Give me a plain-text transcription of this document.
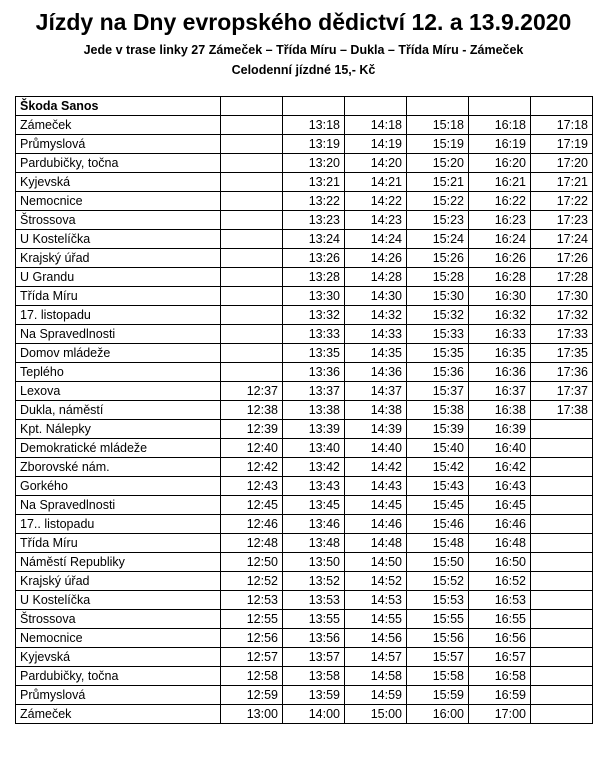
Jízdy na Dny evropského dědictví 12. a 13.9.2020
Jede v trase linky 27 Zámeček – Třída Míru – Dukla – Třída Míru - Zámeček
Celodenní jízdné 15,- Kč
Škoda Sanos						
Zámeček		13:18	14:18	15:18	16:18	17:18
Průmyslová		13:19	14:19	15:19	16:19	17:19
Pardubičky, točna		13:20	14:20	15:20	16:20	17:20
Kyjevská		13:21	14:21	15:21	16:21	17:21
Nemocnice		13:22	14:22	15:22	16:22	17:22
Štrossova		13:23	14:23	15:23	16:23	17:23
U Kostelíčka		13:24	14:24	15:24	16:24	17:24
Krajský úřad		13:26	14:26	15:26	16:26	17:26
U Grandu		13:28	14:28	15:28	16:28	17:28
Třída Míru		13:30	14:30	15:30	16:30	17:30
17. listopadu		13:32	14:32	15:32	16:32	17:32
Na Spravedlnosti		13:33	14:33	15:33	16:33	17:33
Domov mládeže		13:35	14:35	15:35	16:35	17:35
Teplého		13:36	14:36	15:36	16:36	17:36
Lexova	12:37	13:37	14:37	15:37	16:37	17:37
Dukla, náměstí	12:38	13:38	14:38	15:38	16:38	17:38
Kpt. Nálepky	12:39	13:39	14:39	15:39	16:39	
Demokratické mládeže	12:40	13:40	14:40	15:40	16:40	
Zborovské nám.	12:42	13:42	14:42	15:42	16:42	
Gorkého	12:43	13:43	14:43	15:43	16:43	
Na Spravedlnosti	12:45	13:45	14:45	15:45	16:45	
17.. listopadu	12:46	13:46	14:46	15:46	16:46	
Třída Míru	12:48	13:48	14:48	15:48	16:48	
Náměstí Republiky	12:50	13:50	14:50	15:50	16:50	
Krajský úřad	12:52	13:52	14:52	15:52	16:52	
U Kostelíčka	12:53	13:53	14:53	15:53	16:53	
Štrossova	12:55	13:55	14:55	15:55	16:55	
Nemocnice	12:56	13:56	14:56	15:56	16:56	
Kyjevská	12:57	13:57	14:57	15:57	16:57	
Pardubičky, točna	12:58	13:58	14:58	15:58	16:58	
Průmyslová	12:59	13:59	14:59	15:59	16:59	
Zámeček	13:00	14:00	15:00	16:00	17:00	
